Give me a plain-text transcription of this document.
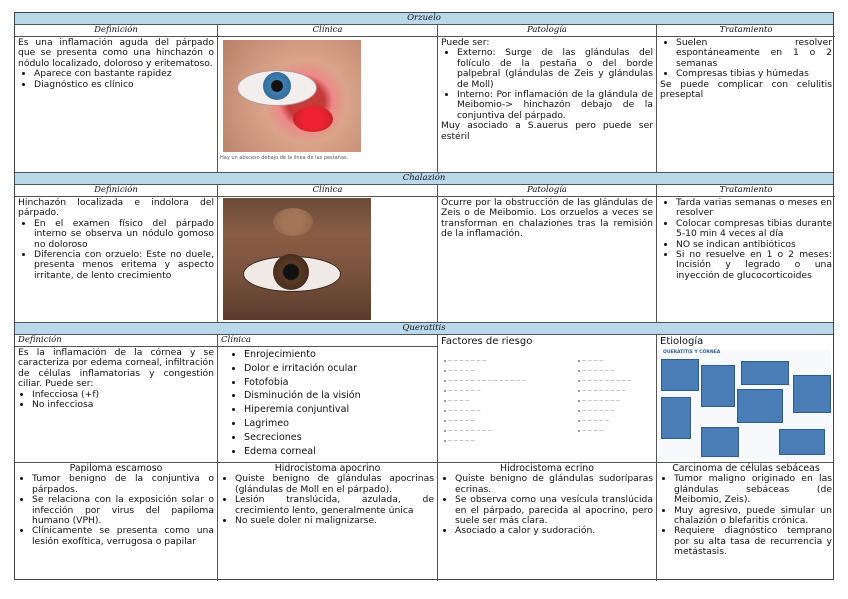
Orzuelo
Definición

Es una inflamación aguda del párpado que se presenta como una hinchazón o nódulo localizado, doloroso y eritematoso.

• Aparece con bastante rapidez
• Diagnóstico es clínico
Clínica
Hay un absceso debajo de la línea de las pestañas.
Patología

Puede ser:

• Externo: Surge de las glándulas del folículo de la pestaña o del borde palpebral (glándulas de Zeis y glándulas de Moll)
• Interno: Por inflamación de la glándula de Meibomio-> hinchazón debajo de la conjuntiva del párpado.

Muy asociado a S.auerus pero puede ser estéril

Tratamiento
• Suelen resolver espontáneamente en 1 o 2 semanas
• Compresas tibias y húmedas

Se puede complicar con celulitis preseptal

Chalazión
Definición

Hinchazón localizada e indolora del párpado.

• En el examen físico del párpado interno se observa un nódulo gomoso no doloroso
• Diferencia con orzuelo: Este no duele, presenta menos eritema y aspecto irritante, de lento crecimiento
Clínica	Patología
Ocurre por la obstrucción de las glándulas de Zeis o de Meibomio. Los orzuelos a veces se transforman en chalaziones tras la remisión de la inflamación.
Tratamiento
• Tarda varias semanas o meses en resolver
• Colocar compresas tibias durante 5-10 min 4 veces al día
• NO se indican antibióticos
• Si no resuelve en 1 o 2 meses: Incisión y legrado o una inyección de glucocorticoides
Queratitis
Definición

Es la inflamación de la córnea y se caracteriza por edema corneal, infiltración de células inflamatorias y congestión ciliar. Puede ser:

• Infecciosa (+f)
• No infecciosa
Clínica
• Enrojecimiento
• Dolor e irritación ocular
• Fotofobia
• Disminución de la visión
• Hiperemia conjuntival
• Lagrimeo
• Secreciones
• Edema corneal
Factores de riesgo
— — — — — — —
— — — — —
— — — — — — — — — — — — — —
— — — — — —
— — — —
— — — — — —
— — — — —
— — — — — — — —
— — — — —
— — — —
— — — — — —
— — — — — — — — —
— — — — — — — —
— — — — — — —
— — — — — —
— — — — —
— — — —
Etiología
QUERATITIS Y CÓRNEA
Papiloma escamoso
• Tumor benigno de la conjuntiva o párpados.
• Se relaciona con la exposición solar o infección por virus del papiloma humano (VPH).
• Clínicamente se presenta como una lesión exofítica, verrugosa o papilar
Hidrocistoma apocrino
• Quiste benigno de glándulas apocrinas (glándulas de Moll en el párpado).
• Lesión translúcida, azulada, de crecimiento lento, generalmente única
• No suele doler ni malignizarse.
Hidrocistoma ecrino
• Quiste benigno de glándulas sudoríparas ecrinas.
• Se observa como una vesícula translúcida en el párpado, parecida al apocrino, pero suele ser más clara.
• Asociado a calor y sudoración.
Carcinoma de células sebáceas
• Tumor maligno originado en las glándulas sebáceas (de Meibomio, Zeis).
• Muy agresivo, puede simular un chalazión o blefaritis crónica.
• Requiere diagnóstico temprano por su alta tasa de recurrencia y metástasis.
